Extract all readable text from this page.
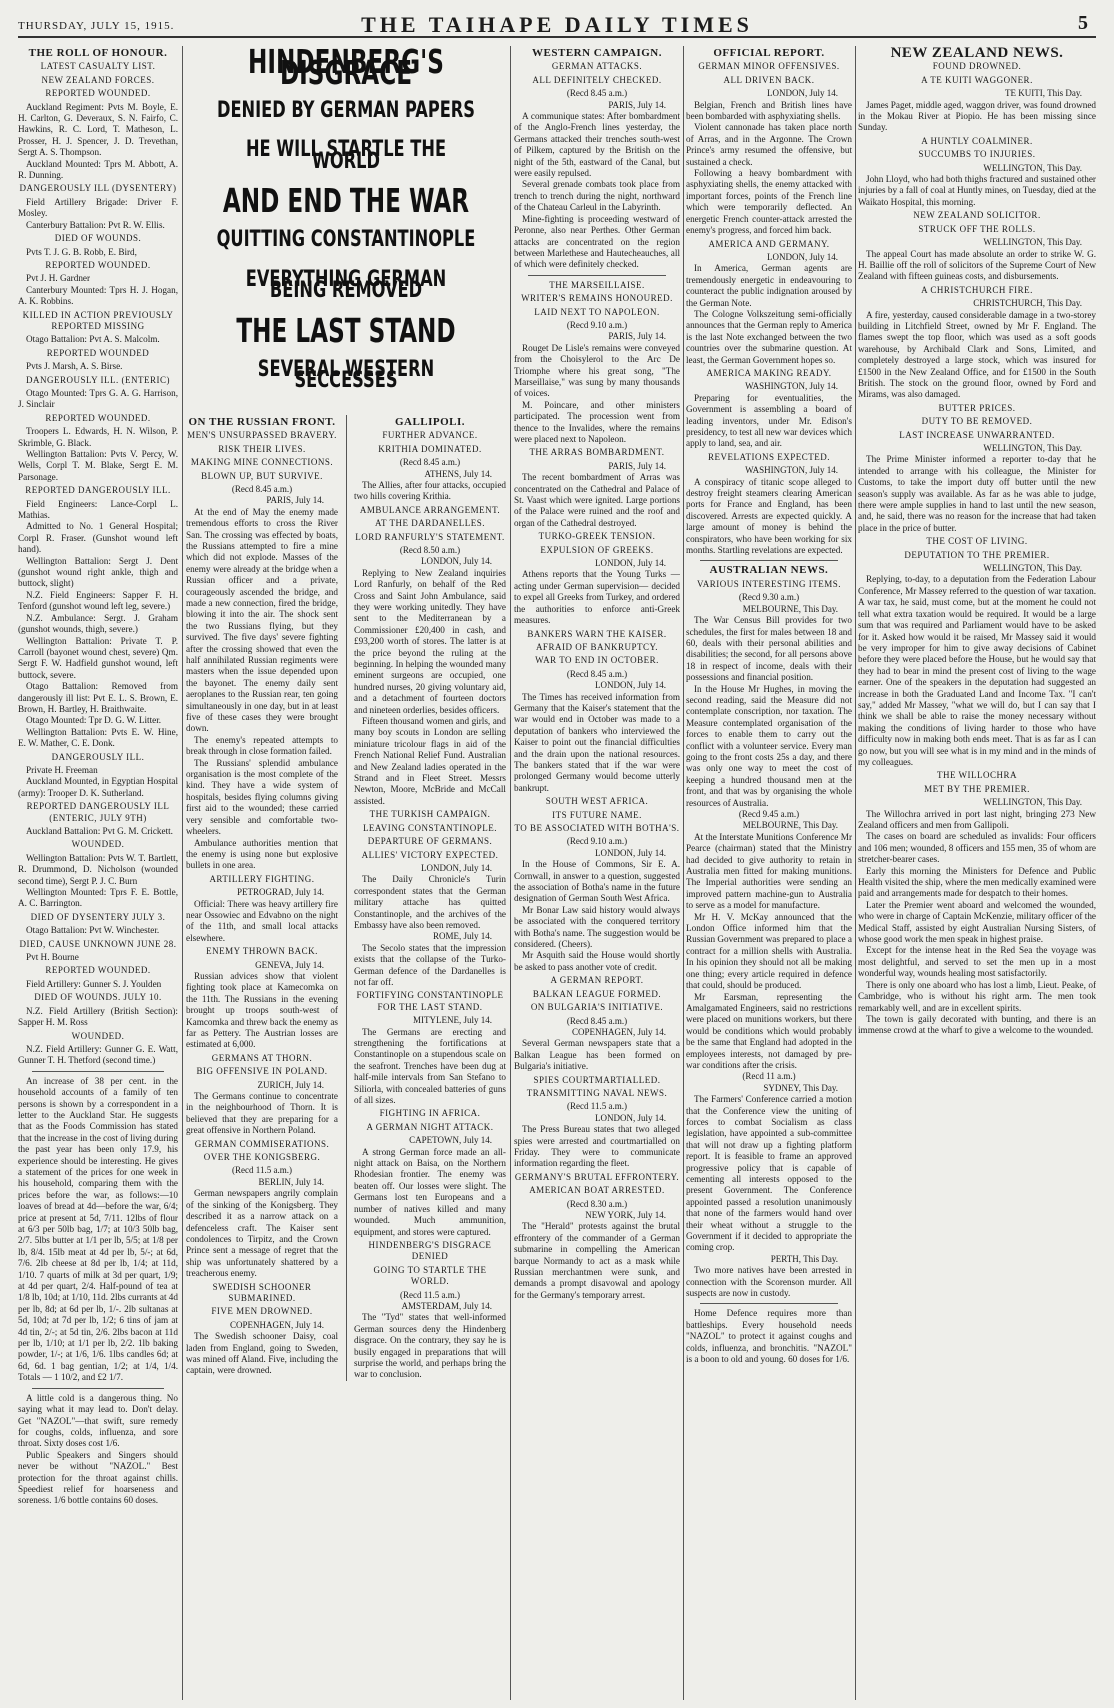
THURSDAY, JULY 15, 1915.	THE TAIHAPE DAILY TIMES	5
THE ROLL OF HONOUR.
LATEST CASUALTY LIST.
NEW ZEALAND FORCES.
REPORTED WOUNDED.

Auckland Regiment: Pvts M. Boyle, E. H. Carlton, G. Deveraux, S. N. Fairfo, C. Hawkins, R. C. Lord, T. Matheson, L. Prosser, H. J. Spencer, J. D. Trevethan, Sergt A. S. Thompson.

Auckland Mounted: Tprs M. Abbott, A. R. Dunning.

DANGEROUSLY ILL (DYSENTERY)

Field Artillery Brigade: Driver F. Mosley.

Canterbury Battalion: Pvt R. W. Ellis.

DIED OF WOUNDS.

Pvts T. J. G. B. Robb, E. Bird,

REPORTED WOUNDED.

Pvt J. H. Gardner

Canterbury Mounted: Tprs H. J. Hogan, A. K. Robbins.

KILLED IN ACTION PREVIOUSLY REPORTED MISSING

Otago Battalion: Pvt A. S. Malcolm.

REPORTED WOUNDED

Pvts J. Marsh, A. S. Birse.

DANGEROUSLY ILL. (ENTERIC)

Otago Mounted: Tprs G. A. G. Harrison, J. Sinclair

REPORTED WOUNDED.

Troopers L. Edwards, H. N. Wilson, P. Skrimble, G. Black.

Wellington Battalion: Pvts V. Percy, W. Wells, Corpl T. M. Blake, Sergt E. M. Parsonage.

REPORTED DANGEROUSLY ILL.

Field Engineers: Lance-Corpl L. Mathias.

Admitted to No. 1 General Hospital; Corpl R. Fraser. (Gunshot wound left hand).

Wellington Battalion: Sergt J. Dent (gunshot wound right ankle, thigh and buttock, slight)

N.Z. Field Engineers: Sapper F. H. Tenford (gunshot wound left leg, severe.)

N.Z. Ambulance: Sergt. J. Graham (gunshot wounds, thigh, severe.)

Wellington Battalion: Private T. P. Carroll (bayonet wound chest, severe) Qm. Sergt F. W. Hadfield gunshot wound, left buttock, severe.

Otago Battalion: Removed from dangerously ill list: Pvt E. L. S. Brown, E. Brown, H. Bartley, H. Braithwaite.

Otago Mounted: Tpr D. G. W. Litter.

Wellington Battalion: Pvts E. W. Hine, E. W. Mather, C. E. Donk.

DANGEROUSLY ILL.

Private H. Freeman

Auckland Mounted, in Egyptian Hospital (army): Trooper D. K. Sutherland.

REPORTED DANGEROUSLY ILL (ENTERIC, JULY 9TH)

Auckland Battalion: Pvt G. M. Crickett.

WOUNDED.

Wellington Battalion: Pvts W. T. Bartlett, R. Drummond, D. Nicholson (wounded second time), Sergt P. J. C. Burn

Wellington Mounted: Tprs F. E. Bottle, A. C. Barrington.

DIED OF DYSENTERY JULY 3.

Otago Battalion: Pvt W. Winchester.

DIED, CAUSE UNKNOWN JUNE 28.

Pvt H. Bourne

REPORTED WOUNDED.

Field Artillery: Gunner S. J. Youlden

DIED OF WOUNDS. JULY 10.

N.Z. Field Artillery (British Section): Sapper H. M. Ross

WOUNDED.

N.Z. Field Artillery: Gunner G. E. Watt, Gunner T. H. Thetford (second time.)

An increase of 38 per cent. in the household accounts of a family of ten persons is shown by a correspondent in a letter to the Auckland Star. He suggests that as the Foods Commission has stated that the increase in the cost of living during the past year has been only 17.9, his experience should be interesting. He gives a statement of the prices for one week in his household, comparing them with the prices before the war, as follows:—10 loaves of bread at 4d—before the war, 6/4; price at present at 5d, 7/11. 12lbs of flour at 6/3 per 50lb bag, 1/7; at 10/3 50lb bag, 2/7. 5lbs butter at 1/1 per lb, 5/5; at 1/8 per lb, 8/4. 15lb meat at 4d per lb, 5/-; at 6d, 7/6. 2lb cheese at 8d per lb, 1/4; at 11d, 1/10. 7 quarts of milk at 3d per quart, 1/9; at 4d per quart, 2/4. Half-pound of tea at 1/8 lb, 10d; at 1/10, 11d. 2lbs currants at 4d per lb, 8d; at 6d per lb, 1/-. 2lb sultanas at 5d, 10d; at 7d per lb, 1/2; 6 tins of jam at 4d tin, 2/-; at 5d tin, 2/6. 2lbs bacon at 11d per lb, 1/10; at 1/1 per lb, 2/2. 1lb baking powder, 1/-; at 1/6, 1/6. 1lbs candles 6d; at 6d, 6d. 1 bag gentian, 1/2; at 1/4, 1/4. Totals — 1 10/2, and £2 1/7.

A little cold is a dangerous thing. No saying what it may lead to. Don't delay. Get "NAZOL"—that swift, sure remedy for coughs, colds, influenza, and sore throat. Sixty doses cost 1/6.

Public Speakers and Singers should never be without "NAZOL." Best protection for the throat against chills. Speediest relief for hoarseness and soreness. 1/6 bottle contains 60 doses.

HINDENBERG'S DISGRACE
DENIED BY GERMAN PAPERS
HE WILL STARTLE THE WORLD
AND END THE WAR
QUITTING CONSTANTINOPLE
EVERYTHING GERMAN BEING REMOVED
THE LAST STAND
SEVERAL WESTERN SECCESSES
ON THE RUSSIAN FRONT.
MEN'S UNSURPASSED BRAVERY.
RISK THEIR LIVES.
MAKING MINE CONNECTIONS.
BLOWN UP, BUT SURVIVE.
(Recd 8.45 a.m.)
PARIS, July 14.

At the end of May the enemy made tremendous efforts to cross the River San. The crossing was effected by boats, the Russians attempted to fire a mine which did not explode. Masses of the enemy were already at the bridge when a Russian officer and a private, courageously ascended the bridge, and made a new connection, fired the bridge, blowing it into the air. The shock sent the two Russians flying, but they survived. The five days' severe fighting after the crossing showed that even the half annihilated Russian regiments were masters when the issue depended upon the bayonet. The enemy daily sent aeroplanes to the Russian rear, ten going simultaneously in one day, but in at least five of these cases they were brought down.

The enemy's repeated attempts to break through in close formation failed.

The Russians' splendid ambulance organisation is the most complete of the kind. They have a wide system of hospitals, besides flying columns giving first aid to the wounded; these carried very sensible and comfortable two-wheelers.

Ambulance authorities mention that the enemy is using none but explosive bullets in one area.

ARTILLERY FIGHTING.
PETROGRAD, July 14.

Official: There was heavy artillery fire near Ossowiec and Edvabno on the night of the 11th, and small local attacks elsewhere.

ENEMY THROWN BACK.
GENEVA, July 14.

Russian advices show that violent fighting took place at Kamecomka on the 11th. The Russians in the evening brought up troops south-west of Kamcomka and threw back the enemy as far as Pettery. The Austrian losses are estimated at 6,000.

GERMANS AT THORN.
BIG OFFENSIVE IN POLAND.
ZURICH, July 14.

The Germans continue to concentrate in the neighbourhood of Thorn. It is believed that they are preparing for a great offensive in Northern Poland.

GERMAN COMMISERATIONS.
OVER THE KONIGSBERG.
(Recd 11.5 a.m.)
BERLIN, July 14.

German newspapers angrily complain of the sinking of the Konigsberg. They described it as a narrow attack on a defenceless craft. The Kaiser sent condolences to Tirpitz, and the Crown Prince sent a message of regret that the ship was unfortunately shattered by a treacherous enemy.

SWEDISH SCHOONER SUBMARINED.
FIVE MEN DROWNED.
COPENHAGEN, July 14.

The Swedish schooner Daisy, coal laden from England, going to Sweden, was mined off Aland. Five, including the captain, were drowned.

GALLIPOLI.
FURTHER ADVANCE.
KRITHIA DOMINATED.
(Recd 8.45 a.m.)
ATHENS, July 14.

The Allies, after four attacks, occupied two hills covering Krithia.

AMBULANCE ARRANGEMENT.
AT THE DARDANELLES.
LORD RANFURLY'S STATEMENT.
(Recd 8.50 a.m.)
LONDON, July 14.

Replying to New Zealand inquiries Lord Ranfurly, on behalf of the Red Cross and Saint John Ambulance, said they were working unitedly. They have sent to the Mediterranean by a Commissioner £20,400 in cash, and £93,200 worth of stores. The latter is at the price beyond the ruling at the beginning. In helping the wounded many eminent surgeons are occupied, one hundred nurses, 20 giving voluntary aid, and a detachment of fourteen doctors and nineteen orderlies, besides officers.

Fifteen thousand women and girls, and many boy scouts in London are selling miniature tricolour flags in aid of the French National Relief Fund. Australian and New Zealand ladies operated in the Strand and in Fleet Street. Messrs Newton, Moore, McBride and McCall assisted.

THE TURKISH CAMPAIGN.
LEAVING CONSTANTINOPLE.
DEPARTURE OF GERMANS.
ALLIES' VICTORY EXPECTED.
LONDON, July 14.

The Daily Chronicle's Turin correspondent states that the German military attache has quitted Constantinople, and the archives of the Embassy have also been removed.

ROME, July 14.

The Secolo states that the impression exists that the collapse of the Turko-German defence of the Dardanelles is not far off.

FORTIFYING CONSTANTINOPLE FOR THE LAST STAND.
MITYLENE, July 14.

The Germans are erecting and strengthening the fortifications at Constantinople on a stupendous scale on the seafront. Trenches have been dug at half-mile intervals from San Stefano to Siliorla, with concealed batteries of guns of all sizes.

FIGHTING IN AFRICA.
A GERMAN NIGHT ATTACK.
CAPETOWN, July 14.

A strong German force made an all-night attack on Baisa, on the Northern Rhodesian frontier. The enemy was beaten off. Our losses were slight. The Germans lost ten Europeans and a number of natives killed and many wounded. Much ammunition, equipment, and stores were captured.

HINDENBERG'S DISGRACE DENIED
GOING TO STARTLE THE WORLD.
(Recd 11.5 a.m.)
AMSTERDAM, July 14.

The "Tyd" states that well-informed German sources deny the Hindenberg disgrace. On the contrary, they say he is busily engaged in preparations that will surprise the world, and perhaps bring the war to conclusion.

WESTERN CAMPAIGN.
GERMAN ATTACKS.
ALL DEFINITELY CHECKED.
(Recd 8.45 a.m.)
PARIS, July 14.

A communique states: After bombardment of the Anglo-French lines yesterday, the Germans attacked their trenches south-west of Pilkem, captured by the British on the night of the 5th, eastward of the Canal, but were easily repulsed.

Several grenade combats took place from trench to trench during the night, northward of the Chateau Carleul in the Labyrinth.

Mine-fighting is proceeding westward of Peronne, also near Perthes. Other German attacks are concentrated on the region between Marlethese and Hautecheauches, all of which were definitely checked.

THE MARSEILLAISE.
WRITER'S REMAINS HONOURED.
LAID NEXT TO NAPOLEON.
(Recd 9.10 a.m.)
PARIS, July 14.

Rouget De Lisle's remains were conveyed from the Choisylerol to the Arc De Triomphe where his great song, "The Marseillaise," was sung by many thousands of voices.

M. Poincare, and other ministers participated. The procession went from thence to the Invalides, where the remains were placed next to Napoleon.

THE ARRAS BOMBARDMENT.
PARIS, July 14.

The recent bombardment of Arras was concentrated on the Cathedral and Palace of St. Vaast which were ignited. Large portions of the Palace were ruined and the roof and organ of the Cathedral destroyed.

TURKO-GREEK TENSION.
EXPULSION OF GREEKS.
LONDON, July 14.

Athens reports that the Young Turks —acting under German supervision— decided to expel all Greeks from Turkey, and ordered the authorities to enforce anti-Greek measures.

BANKERS WARN THE KAISER.
AFRAID OF BANKRUPTCY.
WAR TO END IN OCTOBER.
(Recd 8.45 a.m.)
LONDON, July 14.

The Times has received information from Germany that the Kaiser's statement that the war would end in October was made to a deputation of bankers who interviewed the Kaiser to point out the financial difficulties and the drain upon the national resources. The bankers stated that if the war were prolonged Germany would become utterly bankrupt.

SOUTH WEST AFRICA.
ITS FUTURE NAME.
TO BE ASSOCIATED WITH BOTHA'S.
(Recd 9.10 a.m.)
LONDON, July 14.

In the House of Commons, Sir E. A. Cornwall, in answer to a question, suggested the association of Botha's name in the future designation of German South West Africa.

Mr Bonar Law said history would always be associated with the conquered territory with Botha's name. The suggestion would be considered. (Cheers).

Mr Asquith said the House would shortly be asked to pass another vote of credit.

A GERMAN REPORT.
BALKAN LEAGUE FORMED.
ON BULGARIA'S INITIATIVE.
(Recd 8.45 a.m.)
COPENHAGEN, July 14.

Several German newspapers state that a Balkan League has been formed on Bulgaria's initiative.

SPIES COURTMARTIALLED.
TRANSMITTING NAVAL NEWS.
(Recd 11.5 a.m.)
LONDON, July 14.

The Press Bureau states that two alleged spies were arrested and courtmartialled on Friday. They were to communicate information regarding the fleet.

GERMANY'S BRUTAL EFFRONTERY.
AMERICAN BOAT ARRESTED.
(Recd 8.30 a.m.)
NEW YORK, July 14.

The "Herald" protests against the brutal effrontery of the commander of a German submarine in compelling the American barque Normandy to act as a mask while Russian merchantmen were sunk, and demands a prompt disavowal and apology for the Germany's temporary arrest.

OFFICIAL REPORT.
GERMAN MINOR OFFENSIVES.
ALL DRIVEN BACK.
LONDON, July 14.

Belgian, French and British lines have been bombarded with asphyxiating shells.

Violent cannonade has taken place north of Arras, and in the Argonne. The Crown Prince's army resumed the offensive, but sustained a check.

Following a heavy bombardment with asphyxiating shells, the enemy attacked with important forces, points of the French line which were temporarily deflected. An energetic French counter-attack arrested the enemy's progress, and forced him back.

AMERICA AND GERMANY.
LONDON, July 14.

In America, German agents are tremendously energetic in endeavouring to counteract the public indignation aroused by the German Note.

The Cologne Volkszeitung semi-officially announces that the German reply to America is the last Note exchanged between the two countries over the submarine question. At least, the German Government hopes so.

AMERICA MAKING READY.
WASHINGTON, July 14.

Preparing for eventualities, the Government is assembling a board of leading inventors, under Mr. Edison's presidency, to test all new war devices which apply to land, sea, and air.

REVELATIONS EXPECTED.
WASHINGTON, July 14.

A conspiracy of titanic scope alleged to destroy freight steamers clearing American ports for France and England, has been discovered. Arrests are expected quickly. A large amount of money is behind the conspirators, who have been working for six months. Startling revelations are expected.

AUSTRALIAN NEWS.
VARIOUS INTERESTING ITEMS.
(Recd 9.30 a.m.)
MELBOURNE, This Day.

The War Census Bill provides for two schedules, the first for males between 18 and 60, deals with their personal abilities and disabilities; the second, for all persons above 18 in respect of income, deals with their possessions and financial position.

In the House Mr Hughes, in moving the second reading, said the Measure did not contemplate conscription, nor taxation. The Measure contemplated organisation of the forces to enable them to carry out the conflict with a volunteer service. Every man going to the front costs 25s a day, and there was only one way to meet the cost of keeping a hundred thousand men at the front, and that was by organising the whole resources of Australia.

(Recd 9.45 a.m.)
MELBOURNE, This Day.

At the Interstate Munitions Conference Mr Pearce (chairman) stated that the Ministry had decided to give authority to retain in Australia men fitted for making munitions. The Imperial authorities were sending an improved pattern machine-gun to Australia to serve as a model for manufacture.

Mr H. V. McKay announced that the London Office informed him that the Russian Government was prepared to place a contract for a million shells with Australia. In his opinion they should not all be making one thing; every article required in defence that could, should be produced.

Mr Earsman, representing the Amalgamated Engineers, said no restrictions were placed on munitions workers, but there would be conditions which would probably be the same that England had adopted in the employees interests, not damaged by pre-war conditions after the crisis.

(Recd 11 a.m.)
SYDNEY, This Day.

The Farmers' Conference carried a motion that the Conference view the uniting of forces to combat Socialism as class legislation, have appointed a sub-committee that will not draw up a fighting platform report. It is feasible to frame an approved progressive policy that is capable of cementing all interests opposed to the present Government. The Conference appointed passed a resolution unanimously that none of the farmers would hand over their wheat without a struggle to the Government if it decided to appropriate the coming crop.

PERTH, This Day.

Two more natives have been arrested in connection with the Scorenson murder. All suspects are now in custody.

Home Defence requires more than battleships. Every household needs "NAZOL" to protect it against coughs and colds, influenza, and bronchitis. "NAZOL" is a boon to old and young. 60 doses for 1/6.

NEW ZEALAND NEWS.
FOUND DROWNED.
A TE KUITI WAGGONER.
TE KUITI, This Day.

James Paget, middle aged, waggon driver, was found drowned in the Mokau River at Piopio. He has been missing since Sunday.

A HUNTLY COALMINER.
SUCCUMBS TO INJURIES.
WELLINGTON, This Day.

John Lloyd, who had both thighs fractured and sustained other injuries by a fall of coal at Huntly mines, on Tuesday, died at the Waikato Hospital, this morning.

NEW ZEALAND SOLICITOR.
STRUCK OFF THE ROLLS.
WELLINGTON, This Day.

The appeal Court has made absolute an order to strike W. G. H. Baillie off the roll of solicitors of the Supreme Court of New Zealand with fifteen guineas costs, and disbursements.

A CHRISTCHURCH FIRE.
CHRISTCHURCH, This Day.

A fire, yesterday, caused considerable damage in a two-storey building in Litchfield Street, owned by Mr F. England. The flames swept the top floor, which was used as a soft goods warehouse, by Archibald Clark and Sons, Limited, and completely destroyed a large stock, which was insured for £1500 in the New Zealand Office, and for £1500 in the South British. The stock on the ground floor, owned by Ford and Mirams, was also damaged.

BUTTER PRICES.
DUTY TO BE REMOVED.
LAST INCREASE UNWARRANTED.
WELLINGTON, This Day.

The Prime Minister informed a reporter to-day that he intended to arrange with his colleague, the Minister for Customs, to take the import duty off butter until the new season's supply was available. As far as he was able to judge, there were ample supplies in hand to last until the new season, and, he said, there was no reason for the increase that had taken place in the price of butter.

THE COST OF LIVING.
DEPUTATION TO THE PREMIER.
WELLINGTON, This Day.

Replying, to-day, to a deputation from the Federation Labour Conference, Mr Massey referred to the question of war taxation. A war tax, he said, must come, but at the moment he could not tell what extra taxation would be required. It would be a large sum that was required and Parliament would have to be asked for it. Asked how would it be raised, Mr Massey said it would be very improper for him to give away decisions of Cabinet before they were placed before the House, but he would say that they had to bear in mind the present cost of living to the wage earner. One of the speakers in the deputation had suggested an increase in both the Graduated Land and Income Tax. "I can't say," added Mr Massey, "what we will do, but I can say that I think we shall be able to raise the money necessary without making the conditions of living harder to those who have difficulty now in making both ends meet. That is as far as I can go now, but you will see what is in my mind and in the minds of my colleagues.

THE WILLOCHRA
MET BY THE PREMIER.
WELLINGTON, This Day.

The Willochra arrived in port last night, bringing 273 New Zealand officers and men from Gallipoli.

The cases on board are scheduled as invalids: Four officers and 106 men; wounded, 8 officers and 155 men, 35 of whom are stretcher-bearer cases.

Early this morning the Ministers for Defence and Public Health visited the ship, where the men medically examined were paid and arrangements made for despatch to their homes.

Later the Premier went aboard and welcomed the wounded, who were in charge of Captain McKenzie, military officer of the Medical Staff, assisted by eight Australian Nursing Sisters, of whose good work the men speak in highest praise.

Except for the intense heat in the Red Sea the voyage was most delightful, and served to set the men up in a most wonderful way, wounds healing most satisfactorily.

There is only one aboard who has lost a limb, Lieut. Peake, of Cambridge, who is without his right arm. The men took remarkably well, and are in excellent spirits.

The town is gaily decorated with bunting, and there is an immense crowd at the wharf to give a welcome to the wounded.
